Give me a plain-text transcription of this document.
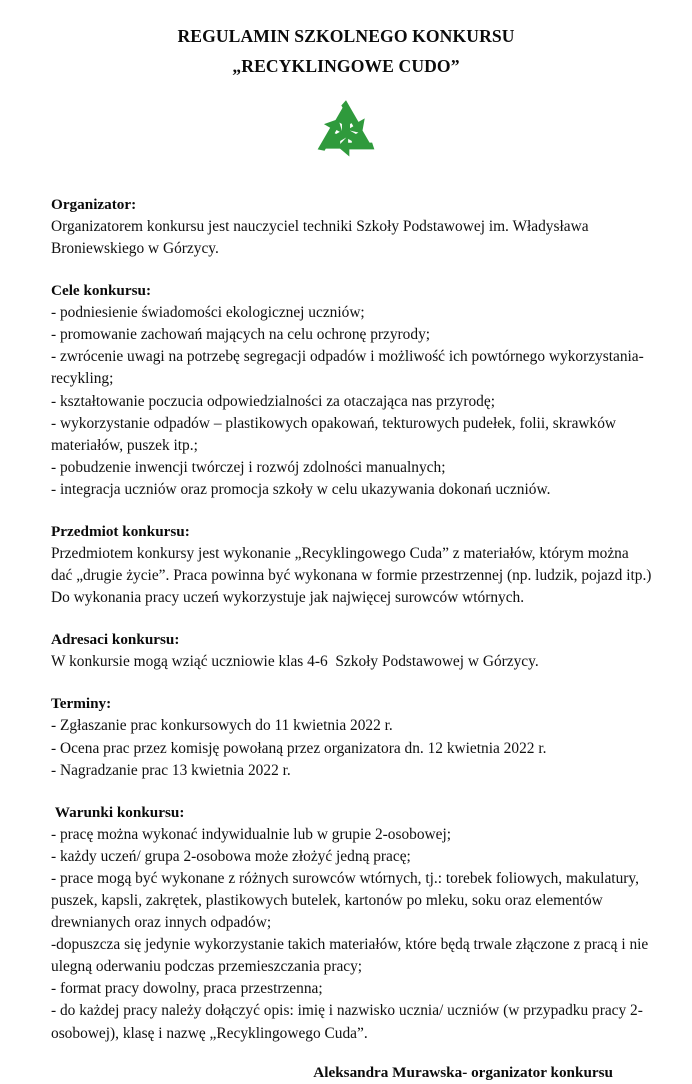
REGULAMIN SZKOLNEGO KONKURSU
„RECYKLINGOWE CUDO”
Organizator:

Organizatorem konkursu jest nauczyciel techniki Szkoły Podstawowej im. Władysława Broniewskiego w Górzycy.

Cele konkursu:
- podniesienie świadomości ekologicznej uczniów;
- promowanie zachowań mających na celu ochronę przyrody;
- zwrócenie uwagi na potrzebę segregacji odpadów i możliwość ich powtórnego wykorzystania- recykling;
- kształtowanie poczucia odpowiedzialności za otaczająca nas przyrodę;
- wykorzystanie odpadów – plastikowych opakowań, tekturowych pudełek, folii, skrawków materiałów, puszek itp.;
- pobudzenie inwencji twórczej i rozwój zdolności manualnych;
- integracja uczniów oraz promocja szkoły w celu ukazywania dokonań uczniów.
Przedmiot konkursu:

Przedmiotem konkursy jest wykonanie „Recyklingowego Cuda” z materiałów, którym można dać „drugie życie”. Praca powinna być wykonana w formie przestrzennej (np. ludzik, pojazd itp.) Do wykonania pracy uczeń wykorzystuje jak najwięcej surowców wtórnych.

Adresaci konkursu:

W konkursie mogą wziąć uczniowie klas 4-6  Szkoły Podstawowej w Górzycy.

Terminy:
- Zgłaszanie prac konkursowych do 11 kwietnia 2022 r.
- Ocena prac przez komisję powołaną przez organizatora dn. 12 kwietnia 2022 r.
- Nagradzanie prac 13 kwietnia 2022 r.
Warunki konkursu:
- pracę można wykonać indywidualnie lub w grupie 2-osobowej;
- każdy uczeń/ grupa 2-osobowa może złożyć jedną pracę;
- prace mogą być wykonane z różnych surowców wtórnych, tj.: torebek foliowych, makulatury, puszek, kapsli, zakrętek, plastikowych butelek, kartonów po mleku, soku oraz elementów drewnianych oraz innych odpadów;
-dopuszcza się jedynie wykorzystanie takich materiałów, które będą trwale złączone z pracą i nie ulegną oderwaniu podczas przemieszczania pracy;
- format pracy dowolny, praca przestrzenna;
- do każdej pracy należy dołączyć opis: imię i nazwisko ucznia/ uczniów (w przypadku pracy 2-osobowej), klasę i nazwę „Recyklingowego Cuda”.
Aleksandra Murawska- organizator konkursu
